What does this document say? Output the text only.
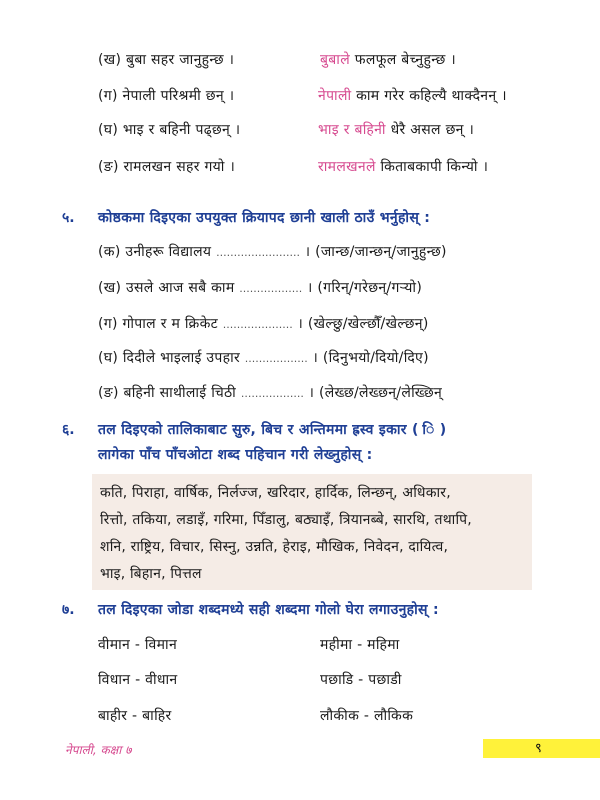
(ख) बुबा सहर जानुहुन्छ ।	बुबाले फलफूल बेच्नुहुन्छ ।
(ग) नेपाली परिश्रमी छन् ।	नेपाली काम गरेर कहिल्यै थाक्दैनन् ।
(घ) भाइ र बहिनी पढ्छन् ।	भाइ र बहिनी धेरै असल छन् ।
(ङ) रामलखन सहर गयो ।	रामलखनले किताबकापी किन्यो ।
५. कोष्ठकमा दिइएका उपयुक्त क्रियापद छानी खाली ठाउँ भर्नुहोस् :
(क) उनीहरू विद्यालय ........................ । (जान्छ/जान्छन्/जानुहुन्छ)
(ख) उसले आज सबै काम .................. । (गरिन्/गरेछन्/गर्‍यो)
(ग) गोपाल र म क्रिकेट .................... । (खेल्छु/खेल्छौँ/खेल्छन्)
(घ) दिदीले भाइलाई उपहार .................. । (दिनुभयो/दियो/दिए)
(ङ) बहिनी साथीलाई चिठी .................. । (लेख्छ/लेख्छन्/लेख्छिन्
६. तल दिइएको तालिकाबाट सुरु, बिच र अन्तिममा ह्रस्व इकार ( ि )
लागेका पाँच पाँचओटा शब्द पहिचान गरी लेख्नुहोस् :
कति, पिराहा, वार्षिक, निर्लज्ज, खरिदार, हार्दिक, लिन्छन्, अधिकार,
रित्तो, तकिया, लडाइँ, गरिमा, पिँडालु, बठ्याइँ, त्रियानब्बे, सारथि, तथापि,
शनि, राष्ट्रिय, विचार, सिस्नु, उन्नति, हेराइ, मौखिक, निवेदन, दायित्व,
भाइ, बिहान, पित्तल
७. तल दिइएका जोडा शब्दमध्ये सही शब्दमा गोलो घेरा लगाउनुहोस् :
वीमान - विमान	महीमा - महिमा
विधान - वीधान	पछाडि - पछाडी
बाहीर - बाहिर	लौकीक - लौकिक
नेपाली, कक्षा ७	९
